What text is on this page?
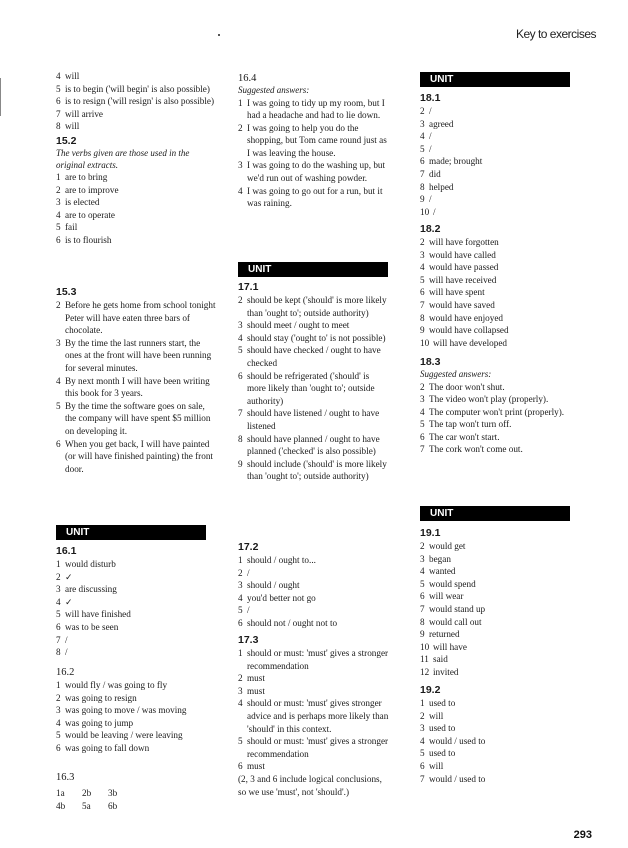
Key to exercises
4 will
5 is to begin ('will begin' is also possible)
6 is to resign ('will resign' is also possible)
7 will arrive
8 will
15.2
The verbs given are those used in the original extracts.
1 are to bring
2 are to improve
3 is elected
4 are to operate
5 fail
6 is to flourish
15.3
2 Before he gets home from school tonight Peter will have eaten three bars of chocolate.
3 By the time the last runners start, the ones at the front will have been running for several minutes.
4 By next month I will have been writing this book for 3 years.
5 By the time the software goes on sale, the company will have spent $5 million on developing it.
6 When you get back, I will have painted (or will have finished painting) the front door.
UNIT
16.1
1 would disturb
2 ✓
3 are discussing
4 ✓
5 will have finished
6 was to be seen
7 /
8 /
16.2
1 would fly / was going to fly
2 was going to resign
3 was going to move / was moving
4 was going to jump
5 would be leaving / were leaving
6 was going to fall down
16.3
1a	2b	3b
4b	5a	6b
16.4
Suggested answers:
1 I was going to tidy up my room, but I had a headache and had to lie down.
2 I was going to help you do the shopping, but Tom came round just as I was leaving the house.
3 I was going to do the washing up, but we'd run out of washing powder.
4 I was going to go out for a run, but it was raining.
UNIT
17.1
2 should be kept ('should' is more likely than 'ought to'; outside authority)
3 should meet / ought to meet
4 should stay ('ought to' is not possible)
5 should have checked / ought to have checked
6 should be refrigerated ('should' is more likely than 'ought to'; outside authority)
7 should have listened / ought to have listened
8 should have planned / ought to have planned ('checked' is also possible)
9 should include ('should' is more likely than 'ought to'; outside authority)
17.2
1 should / ought to...
2 /
3 should / ought
4 you'd better not go
5 /
6 should not / ought not to
17.3
1 should or must: 'must' gives a stronger recommendation
2 must
3 must
4 should or must: 'must' gives stronger advice and is perhaps more likely than 'should' in this context.
5 should or must: 'must' gives a stronger recommendation
6 must
(2, 3 and 6 include logical conclusions, so we use 'must', not 'should'.)
UNIT
18.1
2 /
3 agreed
4 /
5 /
6 made; brought
7 did
8 helped
9 /
10 /
18.2
2 will have forgotten
3 would have called
4 would have passed
5 will have received
6 will have spent
7 would have saved
8 would have enjoyed
9 would have collapsed
10 will have developed
18.3
Suggested answers:
2 The door won't shut.
3 The video won't play (properly).
4 The computer won't print (properly).
5 The tap won't turn off.
6 The car won't start.
7 The cork won't come out.
UNIT
19.1
2 would get
3 began
4 wanted
5 would spend
6 will wear
7 would stand up
8 would call out
9 returned
10 will have
11 said
12 invited
19.2
1 used to
2 will
3 used to
4 would / used to
5 used to
6 will
7 would / used to
293
